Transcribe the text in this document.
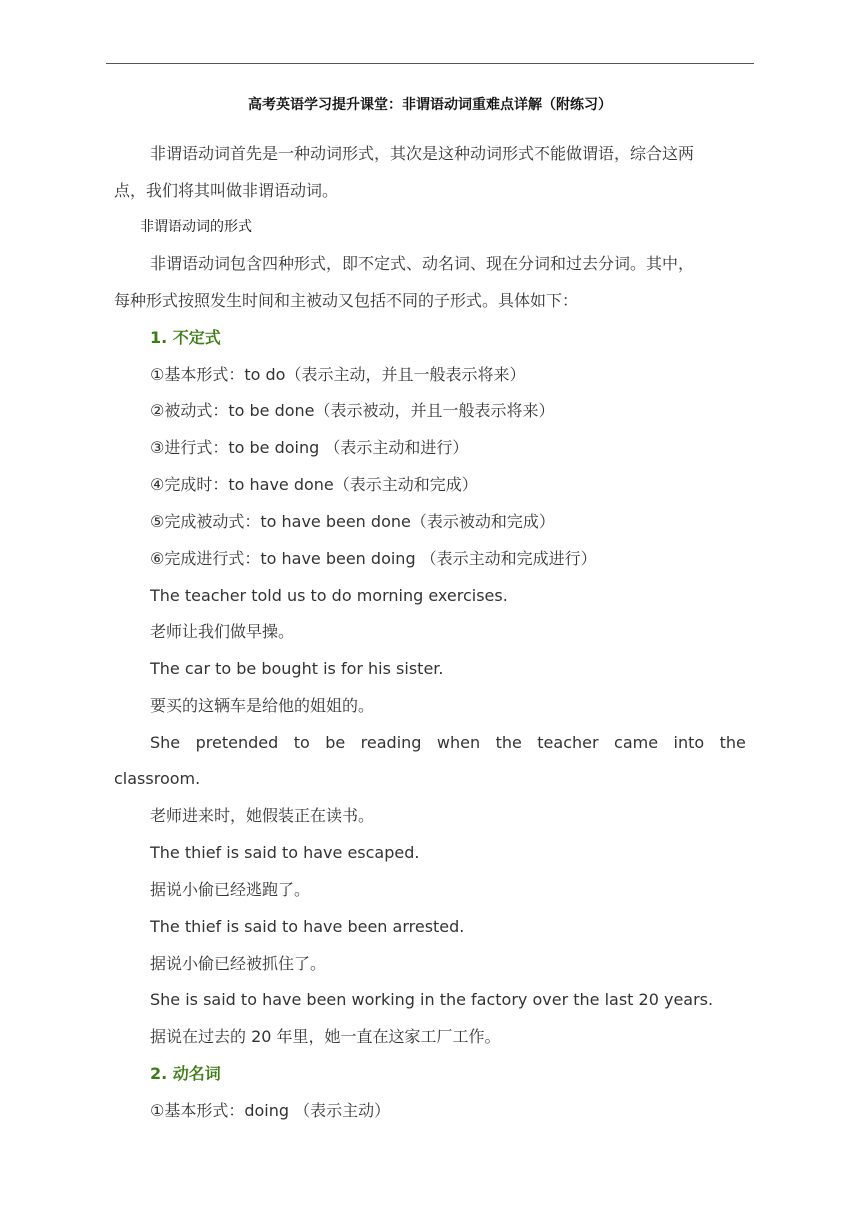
高考英语学习提升课堂：非谓语动词重难点详解（附练习）
非谓语动词首先是一种动词形式，其次是这种动词形式不能做谓语，综合这两
点，我们将其叫做非谓语动词。
非谓语动词的形式
非谓语动词包含四种形式，即不定式、动名词、现在分词和过去分词。其中，
每种形式按照发生时间和主被动又包括不同的子形式。具体如下：
1. 不定式
①基本形式：to do（表示主动，并且一般表示将来）
②被动式：to be done（表示被动，并且一般表示将来）
③进行式：to be doing （表示主动和进行）
④完成时：to have done（表示主动和完成）
⑤完成被动式：to have been done（表示被动和完成）
⑥完成进行式：to have been doing （表示主动和完成进行）
The teacher told us to do morning exercises.
老师让我们做早操。
The car to be bought is for his sister.
要买的这辆车是给他的姐姐的。
She pretended to be reading when the teacher came into the
classroom.
老师进来时，她假装正在读书。
The thief is said to have escaped.
据说小偷已经逃跑了。
The thief is said to have been arrested.
据说小偷已经被抓住了。
She is said to have been working in the factory over the last 20 years.
据说在过去的 20 年里，她一直在这家工厂工作。
2. 动名词
①基本形式：doing （表示主动）
